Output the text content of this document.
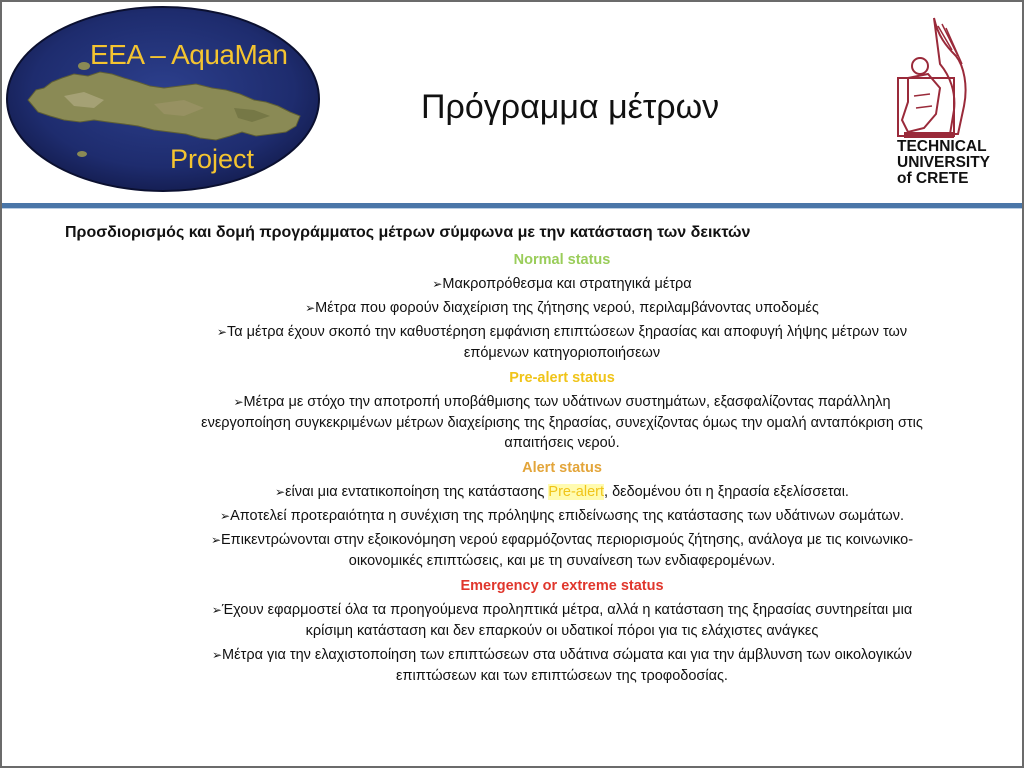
EEA – AquaMan
Project
Πρόγραμμα μέτρων
TECHNICAL
UNIVERSITY
of CRETE
Προσδιορισμός και δομή προγράμματος μέτρων σύμφωνα με την κατάσταση των δεικτών
Normal status
➢Μακροπρόθεσμα και στρατηγικά μέτρα
➢Μέτρα που φορούν διαχείριση της ζήτησης νερού, περιλαμβάνοντας υποδομές
➢Τα μέτρα έχουν σκοπό την καθυστέρηση εμφάνιση επιπτώσεων ξηρασίας και αποφυγή λήψης μέτρων των
επόμενων κατηγοριοποιήσεων
Pre-alert status
➢Μέτρα με στόχο την αποτροπή υποβάθμισης των υδάτινων συστημάτων, εξασφαλίζοντας παράλληλη
ενεργοποίηση συγκεκριμένων μέτρων διαχείρισης της ξηρασίας, συνεχίζοντας όμως την ομαλή ανταπόκριση στις
απαιτήσεις νερού.
Alert status
➢είναι μια εντατικοποίηση της κατάστασης Pre-alert, δεδομένου ότι η ξηρασία εξελίσσεται.
➢Αποτελεί προτεραιότητα η συνέχιση της πρόληψης επιδείνωσης της κατάστασης των υδάτινων σωμάτων.
➢Επικεντρώνονται στην εξοικονόμηση νερού εφαρμόζοντας περιορισμούς ζήτησης, ανάλογα με τις κοινωνικο-
οικονομικές επιπτώσεις, και με τη συναίνεση των ενδιαφερομένων.
Emergency or extreme status
➢Έχουν εφαρμοστεί όλα τα προηγούμενα προληπτικά μέτρα, αλλά η κατάσταση της ξηρασίας συντηρείται μια
κρίσιμη κατάσταση και δεν επαρκούν οι υδατικοί πόροι για τις ελάχιστες ανάγκες
➢Μέτρα για την ελαχιστοποίηση των επιπτώσεων στα υδάτινα σώματα και για την άμβλυνση των οικολογικών
επιπτώσεων και των επιπτώσεων της τροφοδοσίας.
